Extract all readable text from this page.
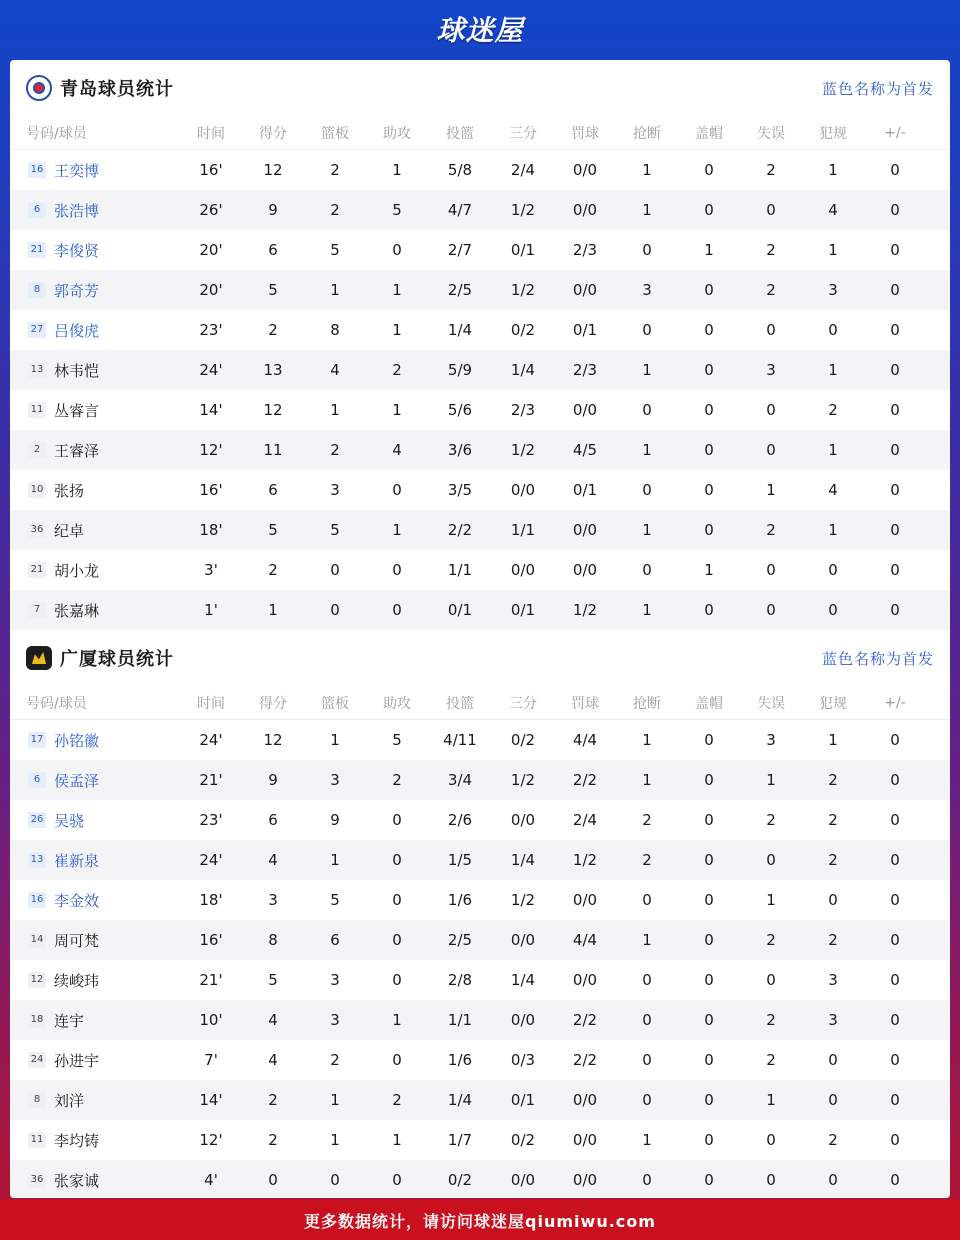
球迷屋
青岛球员统计	蓝色名称为首发
号码/球员	时间	得分	篮板	助攻	投篮	三分	罚球	抢断	盖帽	失误	犯规	+/-
16 王奕博	16'	12	2	1	5/8	2/4	0/0	1	0	2	1	0
6 张浩博	26'	9	2	5	4/7	1/2	0/0	1	0	0	4	0
21 李俊贤	20'	6	5	0	2/7	0/1	2/3	0	1	2	1	0
8 郭奇芳	20'	5	1	1	2/5	1/2	0/0	3	0	2	3	0
27 吕俊虎	23'	2	8	1	1/4	0/2	0/1	0	0	0	0	0
13 林韦恺	24'	13	4	2	5/9	1/4	2/3	1	0	3	1	0
11 丛睿言	14'	12	1	1	5/6	2/3	0/0	0	0	0	2	0
2 王睿泽	12'	11	2	4	3/6	1/2	4/5	1	0	0	1	0
10 张扬	16'	6	3	0	3/5	0/0	0/1	0	0	1	4	0
36 纪卓	18'	5	5	1	2/2	1/1	0/0	1	0	2	1	0
21 胡小龙	3'	2	0	0	1/1	0/0	0/0	0	1	0	0	0
7 张嘉琳	1'	1	0	0	0/1	0/1	1/2	1	0	0	0	0
广厦球员统计	蓝色名称为首发
号码/球员	时间	得分	篮板	助攻	投篮	三分	罚球	抢断	盖帽	失误	犯规	+/-
17 孙铭徽	24'	12	1	5	4/11	0/2	4/4	1	0	3	1	0
6 侯孟泽	21'	9	3	2	3/4	1/2	2/2	1	0	1	2	0
26 吴骁	23'	6	9	0	2/6	0/0	2/4	2	0	2	2	0
13 崔新泉	24'	4	1	0	1/5	1/4	1/2	2	0	0	2	0
16 李金效	18'	3	5	0	1/6	1/2	0/0	0	0	1	0	0
14 周可梵	16'	8	6	0	2/5	0/0	4/4	1	0	2	2	0
12 续峻玮	21'	5	3	0	2/8	1/4	0/0	0	0	0	3	0
18 连宇	10'	4	3	1	1/1	0/0	2/2	0	0	2	3	0
24 孙进宇	7'	4	2	0	1/6	0/3	2/2	0	0	2	0	0
8 刘洋	14'	2	1	2	1/4	0/1	0/0	0	0	1	0	0
11 李均铸	12'	2	1	1	1/7	0/2	0/0	1	0	0	2	0
36 张家诚	4'	0	0	0	0/2	0/0	0/0	0	0	0	0	0
更多数据统计，请访问球迷屋qiumiwu.com
